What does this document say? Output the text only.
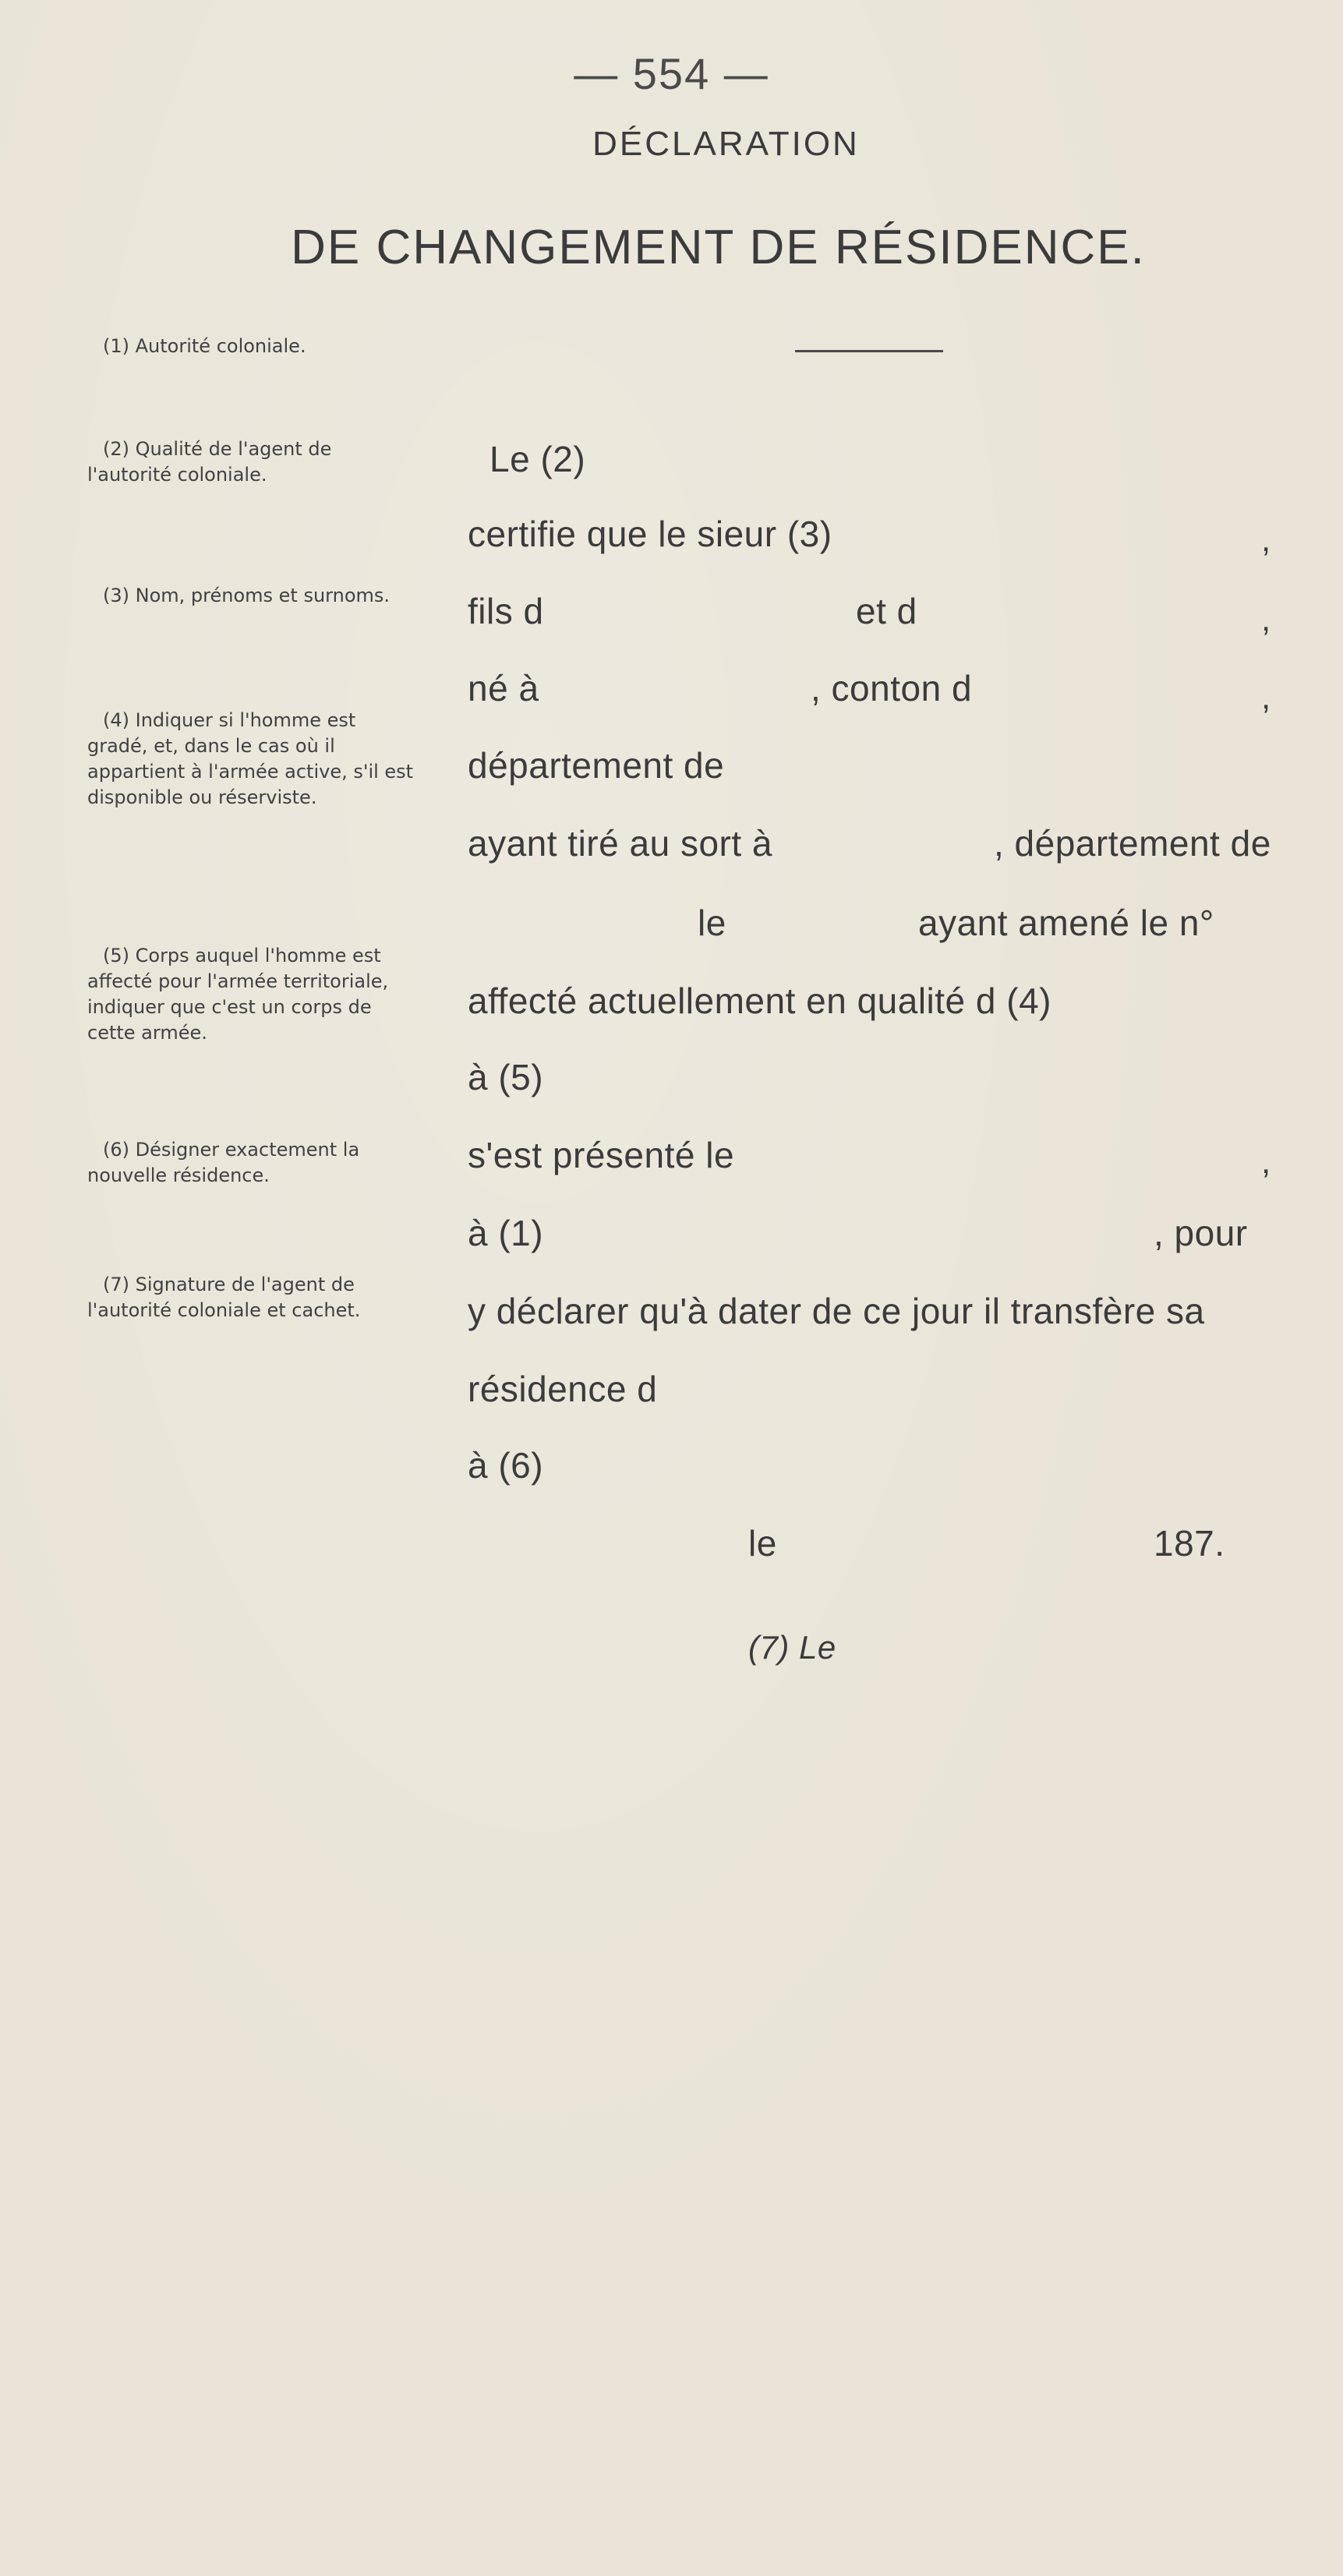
— 554 —
DÉCLARATION
DE CHANGEMENT DE RÉSIDENCE.
(1) Autorité coloniale.
(2) Qualité de l'agent de l'autorité coloniale.
(3) Nom, prénoms et surnoms.
(4) Indiquer si l'homme est gradé, et, dans le cas où il appartient à l'armée active, s'il est disponible ou réserviste.
(5) Corps auquel l'homme est affecté pour l'armée territoriale, indiquer que c'est un corps de cette armée.
(6) Désigner exactement la nouvelle résidence.
(7) Signature de l'agent de l'autorité coloniale et cachet.
Le (2)
certifie que le sieur (3)	,
fils d	et d	,
né à	, conton d	,
département de
ayant tiré au sort à	, département de
le	ayant amené le n°
affecté actuellement en qualité d (4)
à (5)
s'est présenté le	,
à (1)	, pour
y déclarer qu'à dater de ce jour il transfère sa
résidence d
à (6)
le	187.
(7) Le
